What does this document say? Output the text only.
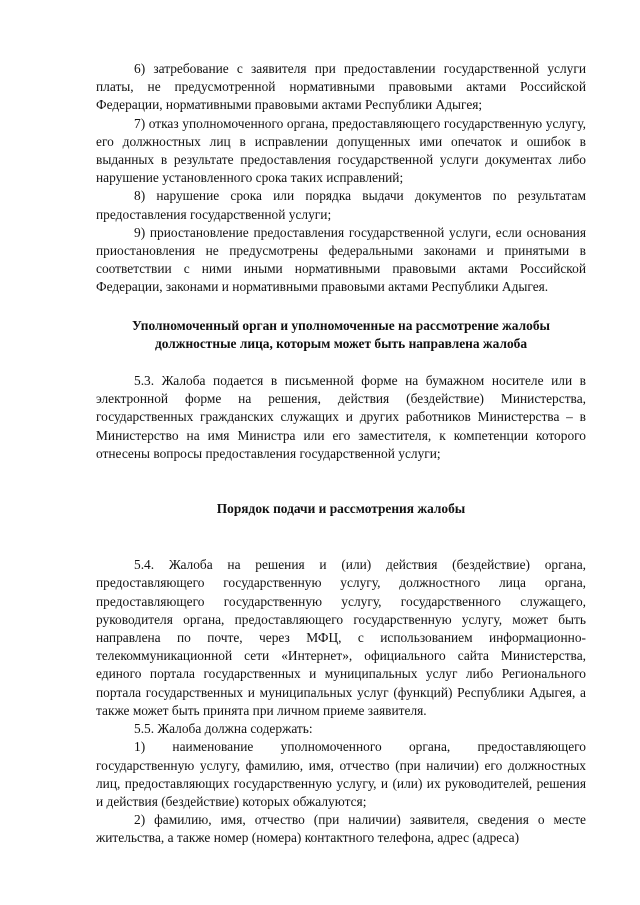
6) затребование с заявителя при предоставлении государственной услуги платы, не предусмотренной нормативными правовыми актами Российской Федерации, нормативными правовыми актами Республики Адыгея;

7) отказ уполномоченного органа, предоставляющего государственную услугу, его должностных лиц в исправлении допущенных ими опечаток и ошибок в выданных в результате предоставления государственной услуги документах либо нарушение установленного срока таких исправлений;

8) нарушение срока или порядка выдачи документов по результатам предоставления государственной услуги;

9) приостановление предоставления государственной услуги, если основания приостановления не предусмотрены федеральными законами и принятыми в соответствии с ними иными нормативными правовыми актами Российской Федерации, законами и нормативными правовыми актами Республики Адыгея.

Уполномоченный орган и уполномоченные на рассмотрение жалобы должностные лица, которым может быть направлена жалоба

5.3. Жалоба подается в письменной форме на бумажном носителе или в электронной форме на решения, действия (бездействие) Министерства, государственных гражданских служащих и других работников Министерства – в Министерство на имя Министра или его заместителя, к компетенции которого отнесены вопросы предоставления государственной услуги;

Порядок подачи и рассмотрения жалобы

5.4. Жалоба на решения и (или) действия (бездействие) органа, предоставляющего государственную услугу, должностного лица органа, предоставляющего государственную услугу, государственного служащего, руководителя органа, предоставляющего государственную услугу, может быть направлена по почте, через МФЦ, с использованием информационно-телекоммуникационной сети «Интернет», официального сайта Министерства, единого портала государственных и муниципальных услуг либо Регионального портала государственных и муниципальных услуг (функций) Республики Адыгея, а также может быть принята при личном приеме заявителя.

5.5. Жалоба должна содержать:

1) наименование уполномоченного органа, предоставляющего государственную услугу, фамилию, имя, отчество (при наличии) его должностных лиц, предоставляющих государственную услугу, и (или) их руководителей, решения и действия (бездействие) которых обжалуются;

2) фамилию, имя, отчество (при наличии) заявителя, сведения о месте жительства, а также номер (номера) контактного телефона, адрес (адреса)
